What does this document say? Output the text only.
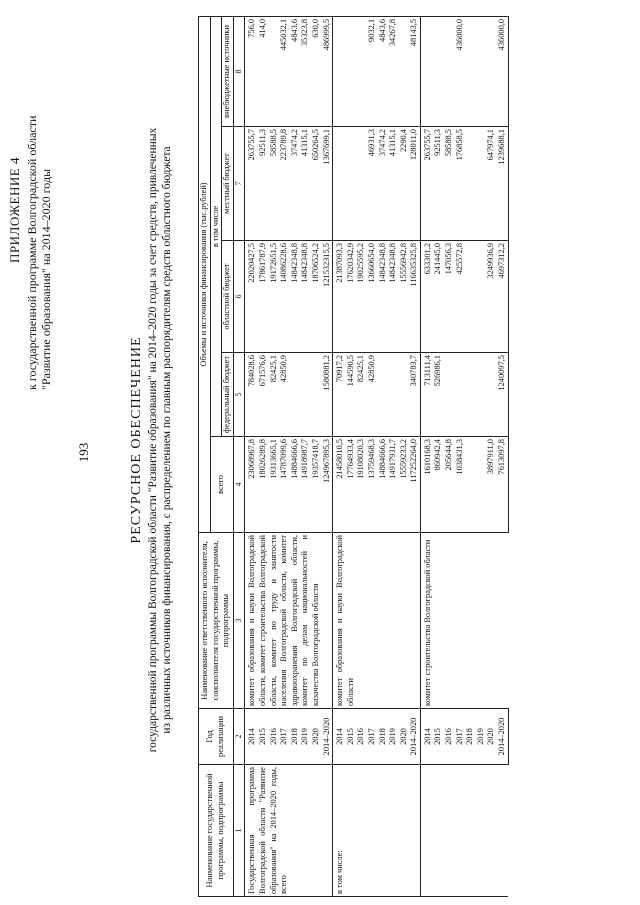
193
ПРИЛОЖЕНИЕ 4 к государственной программе Волгоградской области "Развитие образования" на 2014–2020 годы
РЕСУРСНОЕ ОБЕСПЕЧЕНИЕ государственной программы Волгоградской области "Развитие образования" на 2014–2020 годы за счет средств, привлеченных из различных источников финансирования, с распределением по главным распорядителям средств областного бюджета
Наименование государственной программы, подпрограммы	Год реализации	Наименование ответственного исполнителя, соисполнителя государственной программы, подпрограммы	Объемы и источники финансирования (тыс.рублей)				
			всего	в том числе			
				федеральный бюджет	областной бюджет	местный бюджет	внебюджетные источники
1	2	3	4	5	6	7	8
Государственная программа Волгоградской области "Развитие образования" на 2014–2020 годы, всего	2014	комитет образования и науки Волгоградской области, комитет строительства Волгоградской области, комитет по труду и занятости населения Волгоградской области, комитет здравоохранения Волгоградской области, комитет по делам национальностей и казачества Волгоградской области	23068967,8	784028,6	22020427,5	263755,7	756,0
	2015		18026289,8	671576,6	17861787,9	92511,3	414,0
	2016		19313665,1	82425,1	19172651,5	58588,5	
	2017		14787099,6	42850,9	14086228,6	223789,8	445032,1
	2018		14884666,6		14842348,8	37474,2	4843,6
	2019		14918987,7		14842348,8	41315,1	35323,8
	2020		19357418,7		18706524,2	650264,5	630,0
	2014–2020		124967895,3	1580881,2	121532315,5	1367699,1	486999,5
в том числе:	2014	комитет образования и науки Волгоградской области	21458010,5	70917,2	21387093,3		
	2015		17764933,4	144590,5	17620342,9		
	2016		19108020,3	82425,1	19025595,2		
	2017		13759468,3	42850,9	13660654,0	46931,3	9032,1
	2018		14884666,6		14842348,8	37474,2	4843,6
	2019		14917931,7		14842348,8	41315,1	34267,8
	2020		15559233,2		15556942,8	2290,4	
	2014–2020		117252264,0	340783,7	116635325,8	128011,0	48143,5
	2014	комитет строительства Волгоградской области	1610168,3	713111,4	633301,2	263755,7	
	2015		860942,4	526986,1	241445,0	92511,3	
	2016		205644,8		147056,3	58588,5	
	2017		1038431,3		425572,8	176858,5	436000,0
	2018						
	2019						
	2020		3897911,0		3249936,9	647974,1	
	2014–2020		7613097,8	1240097,5	4697312,2	1239688,1	436000,0
